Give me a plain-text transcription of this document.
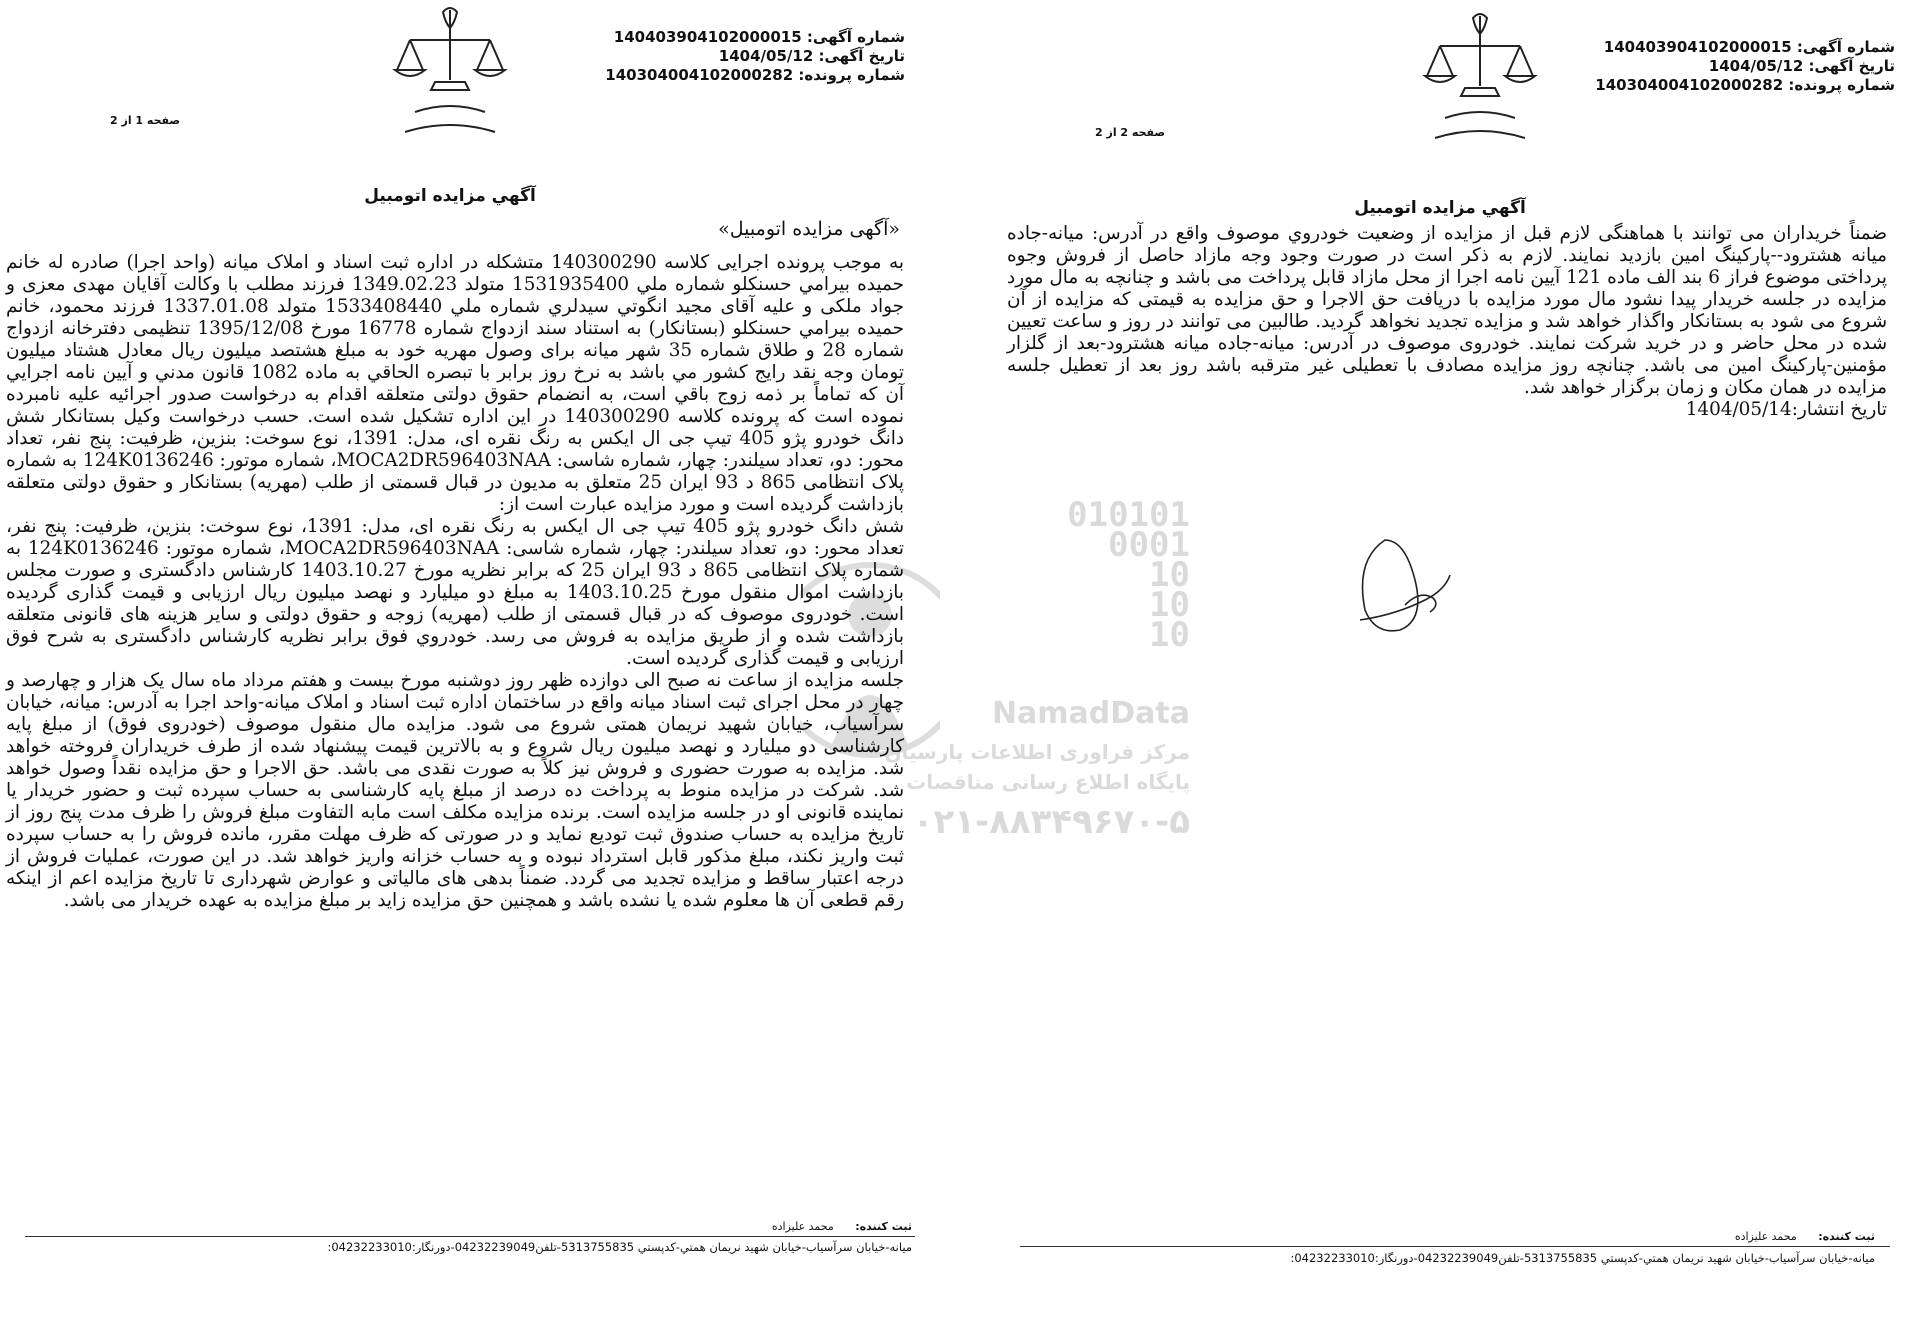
010101
0001
10
10
10
NamadData
مرکز فراوری اطلاعات پارسیان
پایگاه اطلاع رسانی مناقصات
۰۲۱-۸۸۳۴۹۶۷۰-۵
شماره آگهی: 140403904102000015
تاریخ آگهی: 1404/05/12
شماره پرونده: 140304004102000282
صفحه 1 از 2
آگهي مزايده اتومبيل
«آگهی مزایده اتومبیل»

به موجب پرونده اجرایی كلاسه 140300290 متشكله در اداره ثبت اسناد و املاک ميانه (واحد اجرا) صادره له خانم حميده بيرامي حسنكلو شماره ملي 1531935400 متولد 1349.02.23 فرزند مطلب با وكالت آقايان مهدی معزی و جواد ملكی و عليه آقای مجيد انگوتي سيدلري شماره ملي 1533408440 متولد 1337.01.08 فرزند محمود، خانم حميده بيرامي حسنكلو (بستانكار) به استناد سند ازدواج شماره 16778 مورخ 1395/12/08 تنظيمی دفترخانه ازدواج شماره 28 و طلاق شماره 35 شهر ميانه برای وصول مهريه خود به مبلغ هشتصد ميليون ريال معادل هشتاد ميليون تومان وجه نقد رايج كشور مي باشد به نرخ روز برابر با تبصره الحاقي به ماده 1082 قانون مدني و آيين نامه اجرايي آن كه تماماً بر ذمه زوج باقي است، به انضمام حقوق دولتی متعلقه اقدام به درخواست صدور اجرائيه عليه نامبرده نموده است كه پرونده كلاسه 140300290 در اين اداره تشكيل شده است. حسب درخواست وكيل بستانكار شش دانگ خودرو پژو 405 تيپ جی ال ايكس به رنگ نقره ای، مدل: 1391، نوع سوخت: بنزين، ظرفيت: پنج نفر، تعداد محور: دو، تعداد سيلندر: چهار، شماره شاسی: MOCA2DR596403NAA، شماره موتور: 124K0136246 به شماره پلاک انتظامی 865 د 93 ايران 25 متعلق به مديون در قبال قسمتی از طلب (مهريه) بستانكار و حقوق دولتی متعلقه بازداشت گرديده است و مورد مزايده عبارت است از:

شش دانگ خودرو پژو 405 تيپ جی ال ايكس به رنگ نقره ای، مدل: 1391، نوع سوخت: بنزين، ظرفيت: پنج نفر، تعداد محور: دو، تعداد سيلندر: چهار، شماره شاسی: MOCA2DR596403NAA، شماره موتور: 124K0136246 به شماره پلاک انتظامی 865 د 93 ايران 25 كه برابر نظريه مورخ 1403.10.27 كارشناس دادگستری و صورت مجلس بازداشت اموال منقول مورخ 1403.10.25 به مبلغ دو ميليارد و نهصد ميليون ريال ارزيابی و قيمت گذاری گرديده است. خودروی موصوف كه در قبال قسمتی از طلب (مهريه) زوجه و حقوق دولتی و ساير هزينه های قانونی متعلقه بازداشت شده و از طريق مزايده به فروش می رسد. خودروي فوق برابر نظريه كارشناس دادگستری به شرح فوق ارزيابی و قيمت گذاری گرديده است.

جلسه مزايده از ساعت نه صبح الی دوازده ظهر روز دوشنبه مورخ بيست و هفتم مرداد ماه سال يک هزار و چهارصد و چهار در محل اجرای ثبت اسناد ميانه واقع در ساختمان اداره ثبت اسناد و املاک ميانه-واحد اجرا به آدرس: ميانه، خيابان سرآسياب، خيابان شهيد نريمان همتی شروع می شود. مزايده مال منقول موصوف (خودروی فوق) از مبلغ پايه كارشناسی دو ميليارد و نهصد ميليون ريال شروع و به بالاترين قيمت پيشنهاد شده از طرف خريداران فروخته خواهد شد. مزايده به صورت حضوری و فروش نيز كلاً به صورت نقدی می باشد. حق الاجرا و حق مزايده نقداً وصول خواهد شد. شركت در مزايده منوط به پرداخت ده درصد از مبلغ پايه كارشناسی به حساب سپرده ثبت و حضور خريدار يا نماينده قانونی او در جلسه مزايده است. برنده مزايده مكلف است مابه التفاوت مبلغ فروش را ظرف مدت پنج روز از تاريخ مزايده به حساب صندوق ثبت توديع نمايد و در صورتی كه ظرف مهلت مقرر، مانده فروش را به حساب سپرده ثبت واريز نكند، مبلغ مذكور قابل استرداد نبوده و به حساب خزانه واريز خواهد شد. در اين صورت، عمليات فروش از درجه اعتبار ساقط و مزايده تجديد می گردد. ضمناً بدهی های مالياتی و عوارض شهرداری تا تاريخ مزايده اعم از اينكه رقم قطعی آن ها معلوم شده يا نشده باشد و همچنين حق مزايده زايد بر مبلغ مزايده به عهده خريدار می باشد.

ثبت كننده: محمد عليزاده
ميانه-خيابان سرآسياب-خيابان شهيد نريمان همتي-كدپستي 5313755835-تلفن04232239049-دورنگار:04232233010:
شماره آگهی: 140403904102000015
تاریخ آگهی: 1404/05/12
شماره پرونده: 140304004102000282
صفحه 2 از 2
آگهي مزايده اتومبيل

ضمناً خريداران می توانند با هماهنگی لازم قبل از مزايده از وضعيت خودروي موصوف واقع در آدرس: ميانه-جاده ميانه هشترود--پاركينگ امين بازديد نمايند. لازم به ذكر است در صورت وجود وجه مازاد حاصل از فروش وجوه پرداختی موضوع فراز 6 بند الف ماده 121 آيين نامه اجرا از محل مازاد قابل پرداخت می باشد و چنانچه به مال مورد مزايده در جلسه خريدار پيدا نشود مال مورد مزايده با دريافت حق الاجرا و حق مزايده به قيمتی كه مزايده از آن شروع می شود به بستانكار واگذار خواهد شد و مزايده تجديد نخواهد گرديد. طالبين می توانند در روز و ساعت تعيين شده در محل حاضر و در خريد شركت نمايند. خودروی موصوف در آدرس: ميانه-جاده ميانه هشترود-بعد از گلزار مؤمنين-پاركينگ امين می باشد. چنانچه روز مزايده مصادف با تعطيلی غير مترقبه باشد روز بعد از تعطيل جلسه مزايده در همان مكان و زمان برگزار خواهد شد.

تاريخ انتشار:1404/05/14

ثبت كننده: محمد عليزاده
ميانه-خيابان سرآسياب-خيابان شهيد نريمان همتي-كدپستي 5313755835-تلفن04232239049-دورنگار:04232233010:
